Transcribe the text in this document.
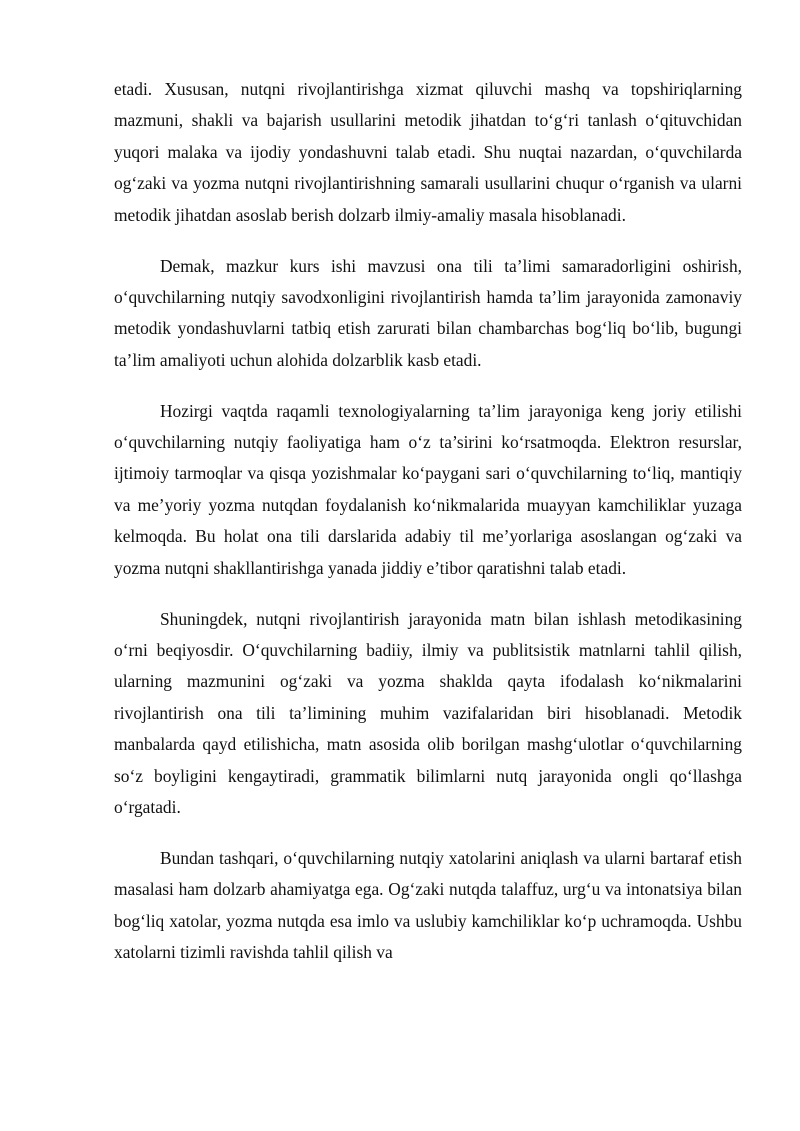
etadi. Xususan, nutqni rivojlantirishga xizmat qiluvchi mashq va topshiriqlarning mazmuni, shakli va bajarish usullarini metodik jihatdan to‘g‘ri tanlash o‘qituvchidan yuqori malaka va ijodiy yondashuvni talab etadi. Shu nuqtai nazardan, o‘quvchilarda og‘zaki va yozma nutqni rivojlantirishning samarali usullarini chuqur o‘rganish va ularni metodik jihatdan asoslab berish dolzarb ilmiy-amaliy masala hisoblanadi.

Demak, mazkur kurs ishi mavzusi ona tili ta’limi samaradorligini oshirish, o‘quvchilarning nutqiy savodxonligini rivojlantirish hamda ta’lim jarayonida zamonaviy metodik yondashuvlarni tatbiq etish zarurati bilan chambarchas bog‘liq bo‘lib, bugungi ta’lim amaliyoti uchun alohida dolzarblik kasb etadi.

Hozirgi vaqtda raqamli texnologiyalarning ta’lim jarayoniga keng joriy etilishi o‘quvchilarning nutqiy faoliyatiga ham o‘z ta’sirini ko‘rsatmoqda. Elektron resurslar, ijtimoiy tarmoqlar va qisqa yozishmalar ko‘paygani sari o‘quvchilarning to‘liq, mantiqiy va me’yoriy yozma nutqdan foydalanish ko‘nikmalarida muayyan kamchiliklar yuzaga kelmoqda. Bu holat ona tili darslarida adabiy til me’yorlariga asoslangan og‘zaki va yozma nutqni shakllantirishga yanada jiddiy e’tibor qaratishni talab etadi.

Shuningdek, nutqni rivojlantirish jarayonida matn bilan ishlash metodikasining o‘rni beqiyosdir. O‘quvchilarning badiiy, ilmiy va publitsistik matnlarni tahlil qilish, ularning mazmunini og‘zaki va yozma shaklda qayta ifodalash ko‘nikmalarini rivojlantirish ona tili ta’limining muhim vazifalaridan biri hisoblanadi. Metodik manbalarda qayd etilishicha, matn asosida olib borilgan mashg‘ulotlar o‘quvchilarning so‘z boyligini kengaytiradi, grammatik bilimlarni nutq jarayonida ongli qo‘llashga o‘rgatadi.

Bundan tashqari, o‘quvchilarning nutqiy xatolarini aniqlash va ularni bartaraf etish masalasi ham dolzarb ahamiyatga ega. Og‘zaki nutqda talaffuz, urg‘u va intonatsiya bilan bog‘liq xatolar, yozma nutqda esa imlo va uslubiy kamchiliklar ko‘p uchramoqda. Ushbu xatolarni tizimli ravishda tahlil qilish va
